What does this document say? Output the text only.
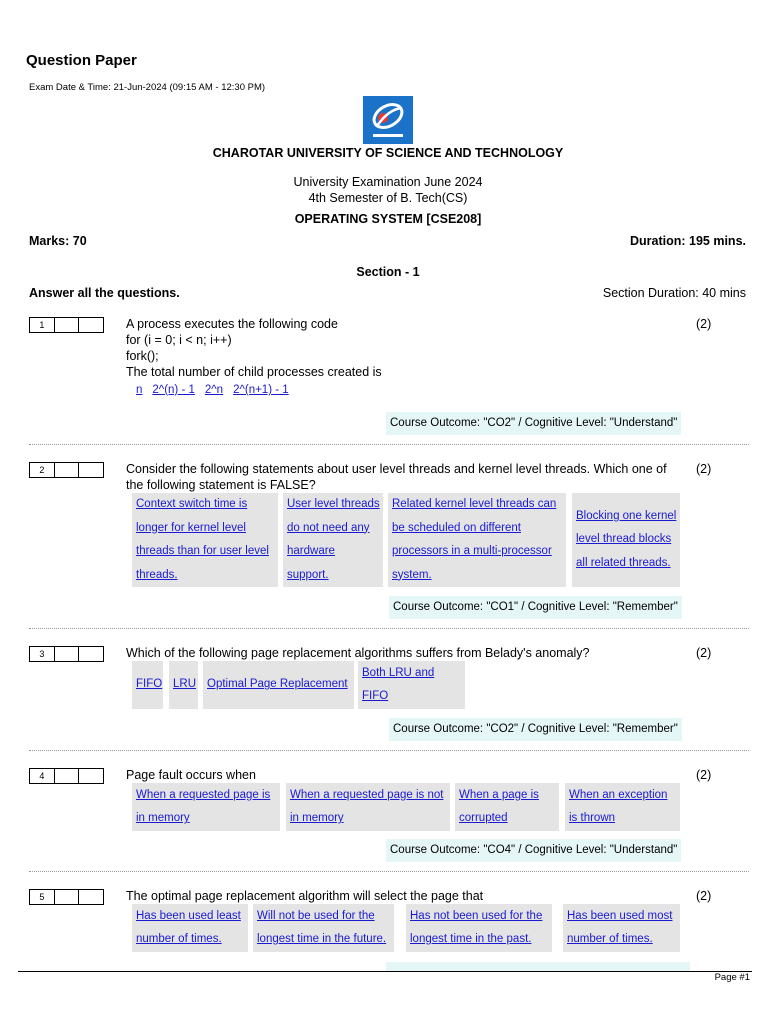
Question Paper
Exam Date & Time: 21-Jun-2024 (09:15 AM - 12:30 PM)
CHAROTAR UNIVERSITY OF SCIENCE AND TECHNOLOGY
University Examination June 2024
4th Semester of B. Tech(CS)
OPERATING SYSTEM [CSE208]
Marks: 70	Duration: 195 mins.
Section - 1
Answer all the questions.	Section Duration: 40 mins
1	A process executes the following code
for (i = 0; i < n; i++)
fork();
The total number of child processes created is
(2)
n 2^(n) - 1 2^n 2^(n+1) - 1
Course Outcome: "CO2" / Cognitive Level: "Understand"
2	Consider the following statements about user level threads and kernel level threads. Which one of the following statement is FALSE?
(2)
Context switch time is
longer for kernel level
threads than for user level
threads.
User level threads
do not need any
hardware
support.
Related kernel level threads can
be scheduled on different
processors in a multi-processor
system.
Blocking one kernel
level thread blocks
all related threads.
Course Outcome: "CO1" / Cognitive Level: "Remember"
3	Which of the following page replacement algorithms suffers from Belady's anomaly?	(2)
FIFO LRU Optimal Page Replacement
Both LRU and
FIFO
Course Outcome: "CO2" / Cognitive Level: "Remember"
4	Page fault occurs when	(2)
When a requested page is
in memory
When a requested page is not
in memory
When a page is
corrupted
When an exception
is thrown
Course Outcome: "CO4" / Cognitive Level: "Understand"
5	The optimal page replacement algorithm will select the page that	(2)
Has been used least
number of times.
Will not be used for the
longest time in the future.
Has not been used for the
longest time in the past.
Has been used most
number of times.
Page #1
